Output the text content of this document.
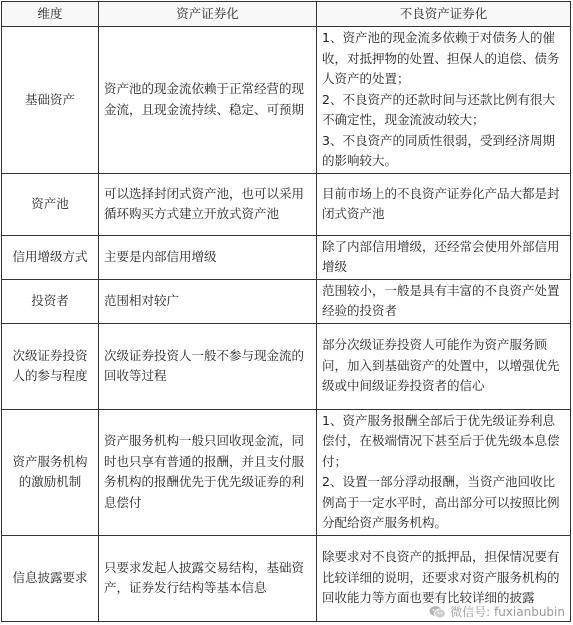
维度	资产证券化	不良资产证券化
基础资产	资产池的现金流依赖于正常经营的现金流，且现金流持续、稳定、可预期	1、资产池的现金流多依赖于对债务人的催收，对抵押物的处置、担保人的追偿、债务人资产的处置；
2、不良资产的还款时间与还款比例有很大不确定性，现金流波动较大；
3、不良资产的同质性很弱，受到经济周期的影响较大。

资产池	可以选择封闭式资产池，也可以采用循环购买方式建立开放式资产池	目前市场上的不良资产证券化产品大都是封闭式资产池

信用增级方式	主要是内部信用增级	除了内部信用增级，还经常会使用外部信用增级

投资者	范围相对较广	范围较小，一般是具有丰富的不良资产处置经验的投资者

次级证券投资人的参与程度	次级证券投资人一般不参与现金流的回收等过程	部分次级证券投资人可能作为资产服务顾问，加入到基础资产的处置中，以增强优先级或中间级证券投资者的信心

资产服务机构的激励机制	资产服务机构一般只回收现金流，同时也只享有普通的报酬，并且支付服务机构的报酬优先于优先级证券的利息偿付	1、资产服务报酬全部后于优先级证券利息偿付，在极端情况下甚至后于优先级本息偿付；
2、设置一部分浮动报酬，当资产池回收比例高于一定水平时，高出部分可以按照比例分配给资产服务机构。

信息披露要求	只要求发起人披露交易结构，基础资产，证券发行结构等基本信息	除要求对不良资产的抵押品，担保情况要有比较详细的说明，还要求对资产服务机构的回收能力等方面也要有比较详细的披露
微信号: fuxianbubin
